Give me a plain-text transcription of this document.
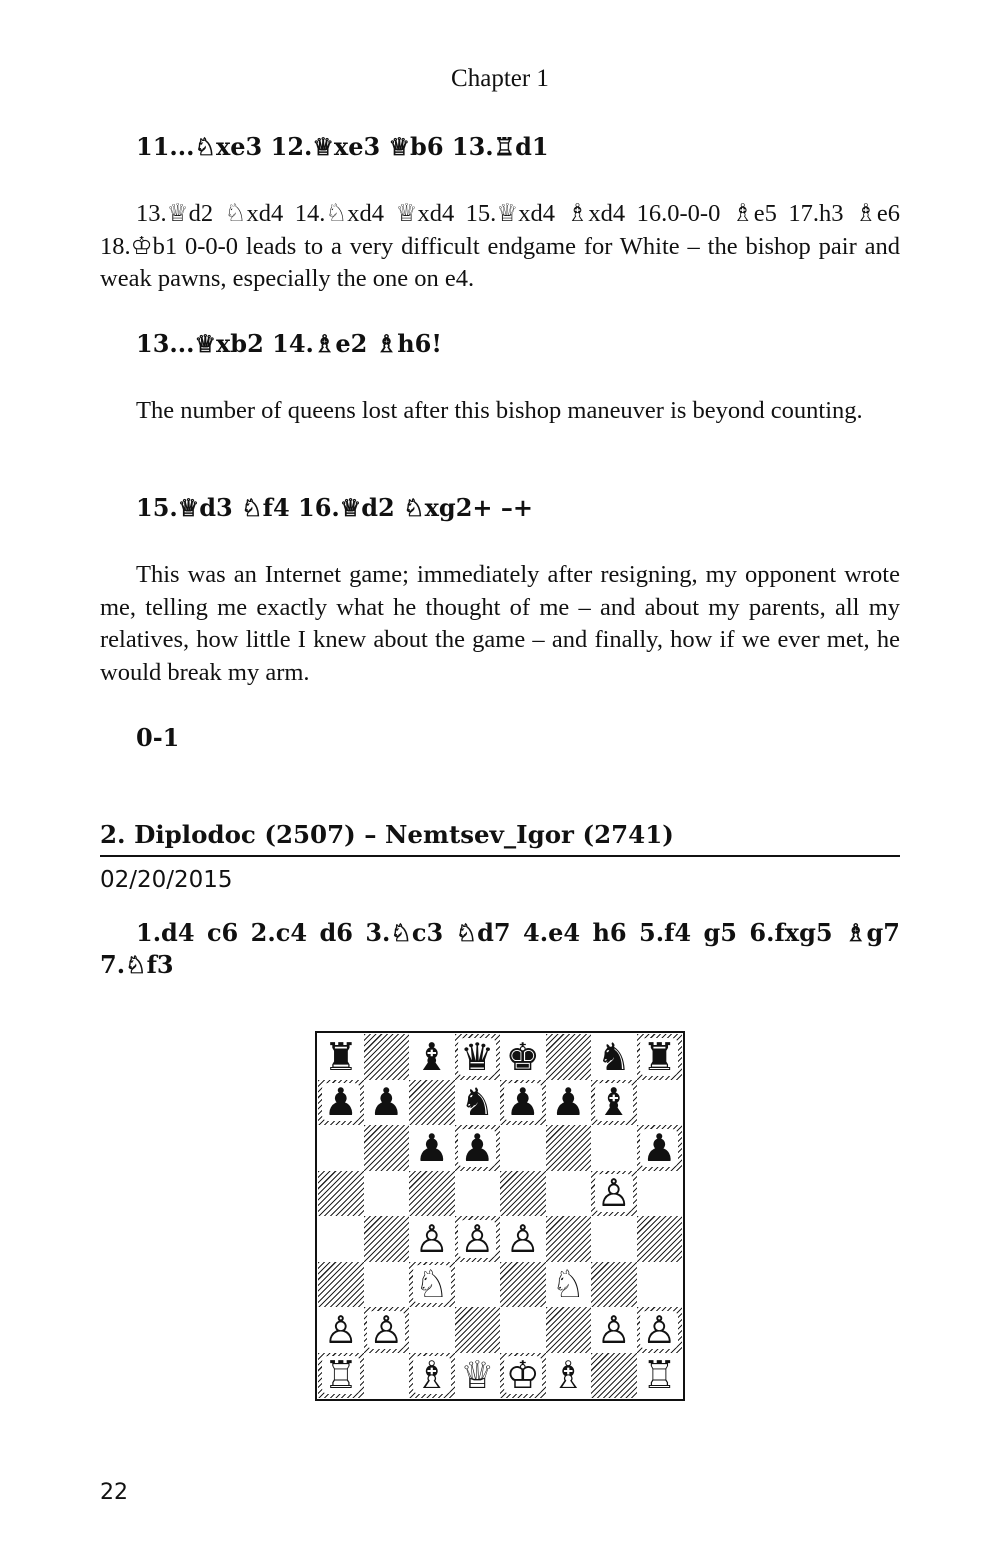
Chapter 1

11...♘xe3 12.♕xe3 ♕b6 13.♖d1

13.♕d2 ♘xd4 14.♘xd4 ♕xd4 15.♕xd4 ♗xd4 16.0-0-0 ♗e5 17.h3 ♗e6 18.♔b1 0-0-0 leads to a very difficult endgame for White – the bishop pair and weak pawns, especially the one on e4.

13...♕xb2 14.♗e2 ♗h6!

The number of queens lost after this bishop maneuver is beyond counting.

15.♕d3 ♘f4 16.♕d2 ♘xg2+ –+

This was an Internet game; immediately after resigning, my opponent wrote me, telling me exactly what he thought of me – and about my parents, all my relatives, how little I knew about the game – and finally, how if we ever met, he would break my arm.

0-1

2. Diplodoc (2507) – Nemtsev_Igor (2741)
02/20/2015

1.d4 c6 2.c4 d6 3.♘c3 ♘d7 4.e4 h6 5.f4 g5 6.fxg5 ♗g7 7.♘f3

♜ ♝ ♛ ♚ ♞ ♜
♟ ♟ ♞ ♟ ♟ ♝
♟ ♟	♟
♙
♙ ♙ ♙
♘	♘
♙ ♙	♙ ♙
♖ ♗ ♕ ♔ ♗ ♖
22
